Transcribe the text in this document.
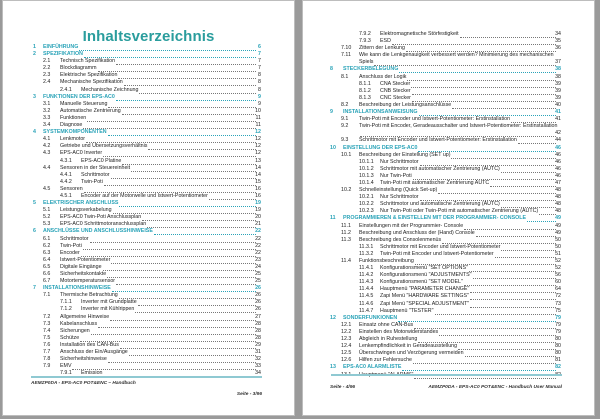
Inhaltsverzeichnis
1 EINFÜHRUNG	6
2 SPEZIFIKATION	7
2.1 Technisch Spezifikation	7
2.2 Blockdiagramm	7
2.3 Elektrische Spezifikation	8
2.4 Mechanische Spezifikation	8
2.4.1 Mechanische Zeichnung	8
3 FUNKTIONEN DER EPS-AC0	9
3.1 Manuelle Steuerung	9
3.2 Automatische Zentrierung	10
3.3 Funktionen	11
3.4 Diagnose	11
4 SYSTEMKOMPONENTEN	12
4.1 Lenkmotor	12
4.2 Getriebe und Übersetzungsverhältnis	12
4.3 EPS-AC0 Inverter	12
4.3.1 EPS-AC0 Platine	13
4.4 Sensoren in der Steuereinheit	14
4.4.1 Schrittmotor	14
4.4.2 Twin-Poti	15
4.5 Sensoren	16
4.5.1 Encoder auf der Motorwelle und Istwert-Potentiometer	16
5 ELEKTRISCHER ANSCHLUSS	19
5.1 Leistungsverkabelung	19
5.2 EPS-AC0 Twin-Poti Anschlussplan	20
5.3 EPS-AC0 Schrittmotoranschlussplan	21
6 ANSCHLÜSSE UND ANSCHLUSSHINWEISE	22
6.1 Schrittmotor	22
6.2 Twin-Poti	22
6.3 Encoder	22
6.4 Istwert-Potentiometer	23
6.5 Digitale Eingänge	24
6.6 Sicherheitskontakte	25
6.7 Motortemperatursensor	25
7 INSTALLATIONSHINWEISE	26
7.1 Thermische Betrachtung	26
7.1.1 Inverter mit Grundplatte	26
7.1.2 Inverter mit Kühlrippen	26
7.2 Allgemeine Hinweise	27
7.3 Kabelanschluss	28
7.4 Sicherungen	28
7.5 Schütze	28
7.6 Installation des CAN-Bus	29
7.7 Anschluss der Ein/Ausgänge	31
7.8 Sicherheitshinweise	32
7.9 EMV	33
7.9.1 Emission	34
AEMZP0DA - EPS-AC0 POT&ENC – Handbuch
Seite - 3/96
7.9.2 Elektromagnetische Störfestigkeit	34
7.9.3 ESD	35
7.10 Zittern der Lenkung	36
7.11 Wie kann die Lenkgenauigkeit verbessert werden? Minimierung des mechanischen
Spiels	37
8 STECKERBELEGUNG	38
8.1 Anschluss der Logik	38
8.1.1 CNA Stecker	39
8.1.2 CNB Stecker	39
8.1.3 CNC Stecker	39
8.2 Beschreibung der Leistungsanschlüsse	40
9 INSTALLATIONSANWEISUNG	41
9.1 Twin-Poti mit Encoder und Istwert-Potentiometer: Erstinstallation	41
9.2 Twin-Poti mit Encoder, Geradeausschalter und Istwert-Potentiometer: Erstinstallation
42
9.3 Schrittmotor mit Encoder und Istwert-Potentiometer: Erstinstallation	44
10 EINSTELLUNG DER EPS-AC0	46
10.1 Beschreibung der Einstellung (SET up)	46
10.1.1 Nur Schrittmotor	46
10.1.2 Schrittmotor mit automatischer Zentrierung (AUTC)	46
10.1.3 Nur Twin-Poti	46
10.1.4 Twin-Poti mit automatischer Zentrierung AUTC	47
10.2 Schnelleinstellung (Quick Set-up)	48
10.2.1 Nur Schrittmotor	48
10.2.2 Schrittmotor und automatische Zentrierung (AUTC)	48
10.2.3 Nur Twin-Poti oder Twin-Poti mit automatischer Zentrierung (AUTC)	48
11 PROGRAMMIEREN & EINSTELLEN MIT DER PROGRAMMIER- CONSOLE	49
11.1 Einstellungen mit der Programmier- Console	49
11.2 Beschreibung und Anschluss der (Hand) Console	49
11.3 Beschreibung des Consolenmenüs	50
11.3.1 Schrittmotor mit Encoder und Istwert-Potentiometer	50
11.3.2 Twin-Poti mit Encoder und Istwert-Potentiometer	51
11.4 Funktionsbeschreibung	52
11.4.1 Konfigurationsmenü "SET OPTIONS"	52
11.4.2 Konfigurationsmenü "ADJUSTMENTS"	56
11.4.3 Konfigurationsmenü "SET MODEL"	60
11.4.4 Hauptmenü "PARAMETER CHANGE"	64
11.4.5 Zapi Menü "HARDWARE SETTINGS"	72
11.4.6 Zapi Menü "SPECIAL ADJUSTMENT"	73
11.4.7 Hauptmenü "TESTER"	75
12 SONDERFUNKIONEN	79
12.1 Einsatz ohne CAN-Bus	79
12.2 Einstellen des Motorwiderstandes	79
12.3 Abgleich in Ruhestellung	80
12.4 Lenkempfindlichkeit in Geradeausstellung	80
12.5 Überschwingen und Verzögerung vermeiden	80
12.6 Hilfen zur Fehlersuche	81
13 EPS-AC0 ALARMLISTE	82
Seite - 4/96	AEMZP0DA - EPS-AC0 POT&ENC - Handbuch User Manual
